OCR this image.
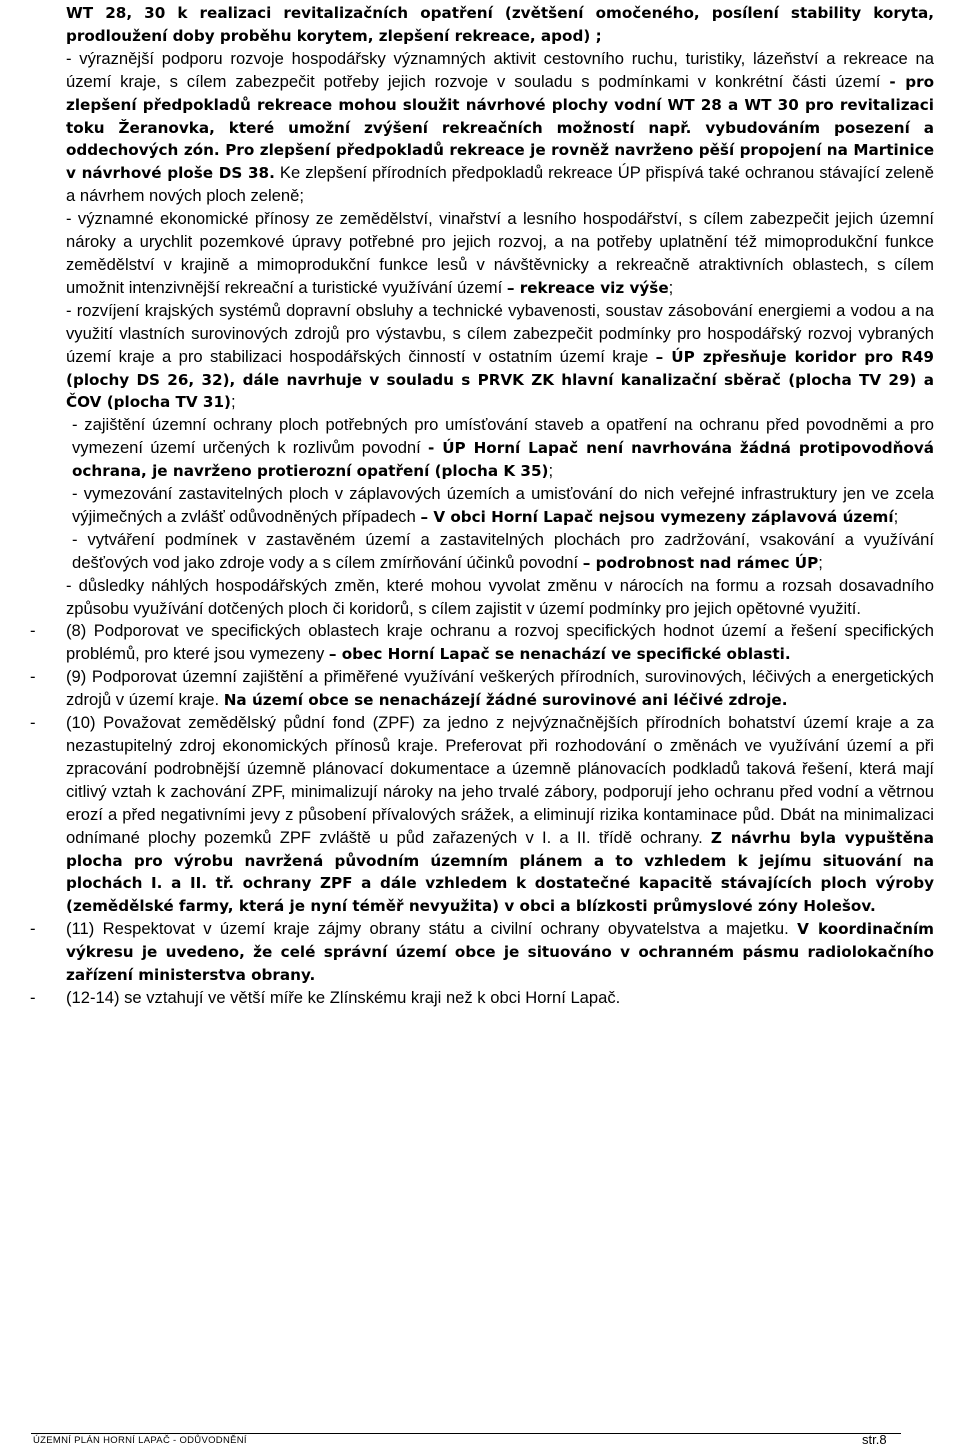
WT 28, 30 k realizaci revitalizačních opatření (zvětšení omočeného, posílení stability koryta, prodloužení doby proběhu korytem, zlepšení rekreace, apod) ;

- výraznější podporu rozvoje hospodářsky významných aktivit cestovního ruchu, turistiky, lázeňství a rekreace na území kraje, s cílem zabezpečit potřeby jejich rozvoje v souladu s podmínkami v konkrétní části území - pro zlepšení předpokladů rekreace mohou sloužit návrhové plochy vodní WT 28 a WT 30 pro revitalizaci toku Žeranovka, které umožní zvýšení rekreačních možností např. vybudováním posezení a oddechových zón. Pro zlepšení předpokladů rekreace je rovněž navrženo pěší propojení na Martinice v návrhové ploše DS 38. Ke zlepšení přírodních předpokladů rekreace ÚP přispívá také ochranou stávající zeleně a návrhem nových ploch zeleně;

- významné ekonomické přínosy ze zemědělství, vinařství a lesního hospodářství, s cílem zabezpečit jejich územní nároky a urychlit pozemkové úpravy potřebné pro jejich rozvoj, a na potřeby uplatnění též mimoprodukční funkce zemědělství v krajině a mimoprodukční funkce lesů v návštěvnicky a rekreačně atraktivních oblastech, s cílem umožnit intenzivnější rekreační a turistické využívání území – rekreace viz výše;

- rozvíjení krajských systémů dopravní obsluhy a technické vybavenosti, soustav zásobování energiemi a vodou a na využití vlastních surovinových zdrojů pro výstavbu, s cílem zabezpečit podmínky pro hospodářský rozvoj vybraných území kraje a pro stabilizaci hospodářských činností v ostatním území kraje – ÚP zpřesňuje koridor pro R49 (plochy DS 26, 32), dále navrhuje v souladu s PRVK ZK hlavní kanalizační sběrač (plocha TV 29) a ČOV (plocha TV 31);

- zajištění územní ochrany ploch potřebných pro umísťování staveb a opatření na ochranu před povodněmi a pro vymezení území určených k rozlivům povodní - ÚP Horní Lapač není navrhována žádná protipovodňová ochrana, je navrženo protierozní opatření (plocha K 35);

- vymezování zastavitelných ploch v záplavových územích a umisťování do nich veřejné infrastruktury jen ve zcela výjimečných a zvlášť odůvodněných případech – V obci Horní Lapač nejsou vymezeny záplavová území;

- vytváření podmínek v zastavěném území a zastavitelných plochách pro zadržování, vsakování a využívání dešťových vod jako zdroje vody a s cílem zmírňování účinků povodní – podrobnost nad rámec ÚP;

- důsledky náhlých hospodářských změn, které mohou vyvolat změnu v nárocích na formu a rozsah dosavadního způsobu využívání dotčených ploch či koridorů, s cílem zajistit v území podmínky pro jejich opětovné využití.

- (8) Podporovat ve specifických oblastech kraje ochranu a rozvoj specifických hodnot území a řešení specifických problémů, pro které jsou vymezeny – obec Horní Lapač se nenachází ve specifické oblasti.

- (9) Podporovat územní zajištění a přiměřené využívání veškerých přírodních, surovinových, léčivých a energetických zdrojů v území kraje. Na území obce se nenacházejí žádné surovinové ani léčivé zdroje.

- (10) Považovat zemědělský půdní fond (ZPF) za jedno z nejvýznačnějších přírodních bohatství území kraje a za nezastupitelný zdroj ekonomických přínosů kraje. Preferovat při rozhodování o změnách ve využívání území a při zpracování podrobnější územně plánovací dokumentace a územně plánovacích podkladů taková řešení, která mají citlivý vztah k zachování ZPF, minimalizují nároky na jeho trvalé zábory, podporují jeho ochranu před vodní a větrnou erozí a před negativními jevy z působení přívalových srážek, a eliminují rizika kontaminace půd. Dbát na minimalizaci odnímané plochy pozemků ZPF zvláště u půd zařazených v I. a II. třídě ochrany. Z návrhu byla vypuštěna plocha pro výrobu navržená původním územním plánem a to vzhledem k jejímu situování na plochách I. a II. tř. ochrany ZPF a dále vzhledem k dostatečné kapacitě stávajících ploch výroby (zemědělské farmy, která je nyní téměř nevyužita) v obci a blízkosti průmyslové zóny Holešov.

- (11) Respektovat v území kraje zájmy obrany státu a civilní ochrany obyvatelstva a majetku. V koordinačním výkresu je uvedeno, že celé správní území obce je situováno v ochranném pásmu radiolokačního zařízení ministerstva obrany.

- (12-14) se vztahují ve větší míře ke Zlínskému kraji než k obci Horní Lapač.

ÚZEMNÍ PLÁN HORNÍ LAPAČ - ODŮVODNĚNÍ	str.8
